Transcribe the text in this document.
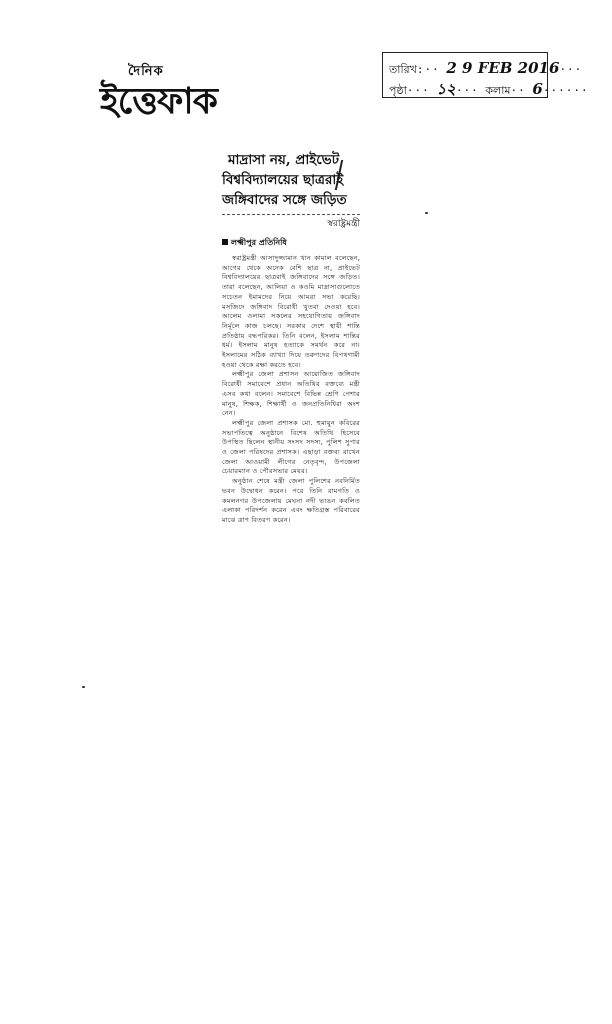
দৈনিক
ইত্তেফাক
তারিখ:·· 2 9 FEB 2016···
পৃষ্ঠা··· ১২··· কলাম·· 6······
মাদ্রাসা নয়, প্রাইভেট
বিশ্ববিদ্যালয়ের ছাত্ররাই
জঙ্গিবাদের সঙ্গে জড়িত
স্বরাষ্ট্রমন্ত্রী
লক্ষ্মীপুর প্রতিনিধি

স্বরাষ্ট্রমন্ত্রী আসাদুজ্জামান খান কামাল বলেছেন, আগের থেকে অনেক বেশি ছাত্র না, প্রাইভেট বিশ্ববিদ্যালয়ের ছাত্ররাই জঙ্গিবাদের সঙ্গে জড়িত। তারা বলেছেন, আলিয়া ও কওমি মাদ্রাসাগুলোতে সচেতন ইমামদের নিয়ে আমরা সভা করেছি। মসজিদে জঙ্গিবাদ বিরোধী খুতবা দেওয়া হবে। আলেম ওলামা সকলের সহযোগিতায় জঙ্গিবাদ নির্মূলে কাজ চলছে। সরকার দেশে স্থায়ী শান্তি প্রতিষ্ঠায় বদ্ধপরিকর। তিনি বলেন, ইসলাম শান্তির ধর্ম। ইসলাম মানুষ হত্যাকে সমর্থন করে না। ইসলামের সঠিক ব্যাখ্যা দিয়ে তরুণদের বিপথগামী হওয়া থেকে রক্ষা করতে হবে।

লক্ষ্মীপুর জেলা প্রশাসন আয়োজিত জঙ্গিবাদ বিরোধী সমাবেশে প্রধান অতিথির বক্তব্যে মন্ত্রী এসব কথা বলেন। সমাবেশে বিভিন্ন শ্রেণি পেশার মানুষ, শিক্ষক, শিক্ষার্থী ও জনপ্রতিনিধিরা অংশ নেন।

লক্ষ্মীপুর জেলা প্রশাসক মো. হুমায়ুন কবিরের সভাপতিত্বে অনুষ্ঠানে বিশেষ অতিথি হিসেবে উপস্থিত ছিলেন স্থানীয় সংসদ সদস্য, পুলিশ সুপার ও জেলা পরিষদের প্রশাসক। এছাড়া বক্তব্য রাখেন জেলা আওয়ামী লীগের নেতৃবৃন্দ, উপজেলা চেয়ারম্যান ও পৌরসভার মেয়র।

অনুষ্ঠান শেষে মন্ত্রী জেলা পুলিশের নবনির্মিত ভবন উদ্বোধন করেন। পরে তিনি রামগতি ও কমলনগর উপজেলায় মেঘনা নদী ভাঙন কবলিত এলাকা পরিদর্শন করেন এবং ক্ষতিগ্রস্ত পরিবারের মাঝে ত্রাণ বিতরণ করেন।
